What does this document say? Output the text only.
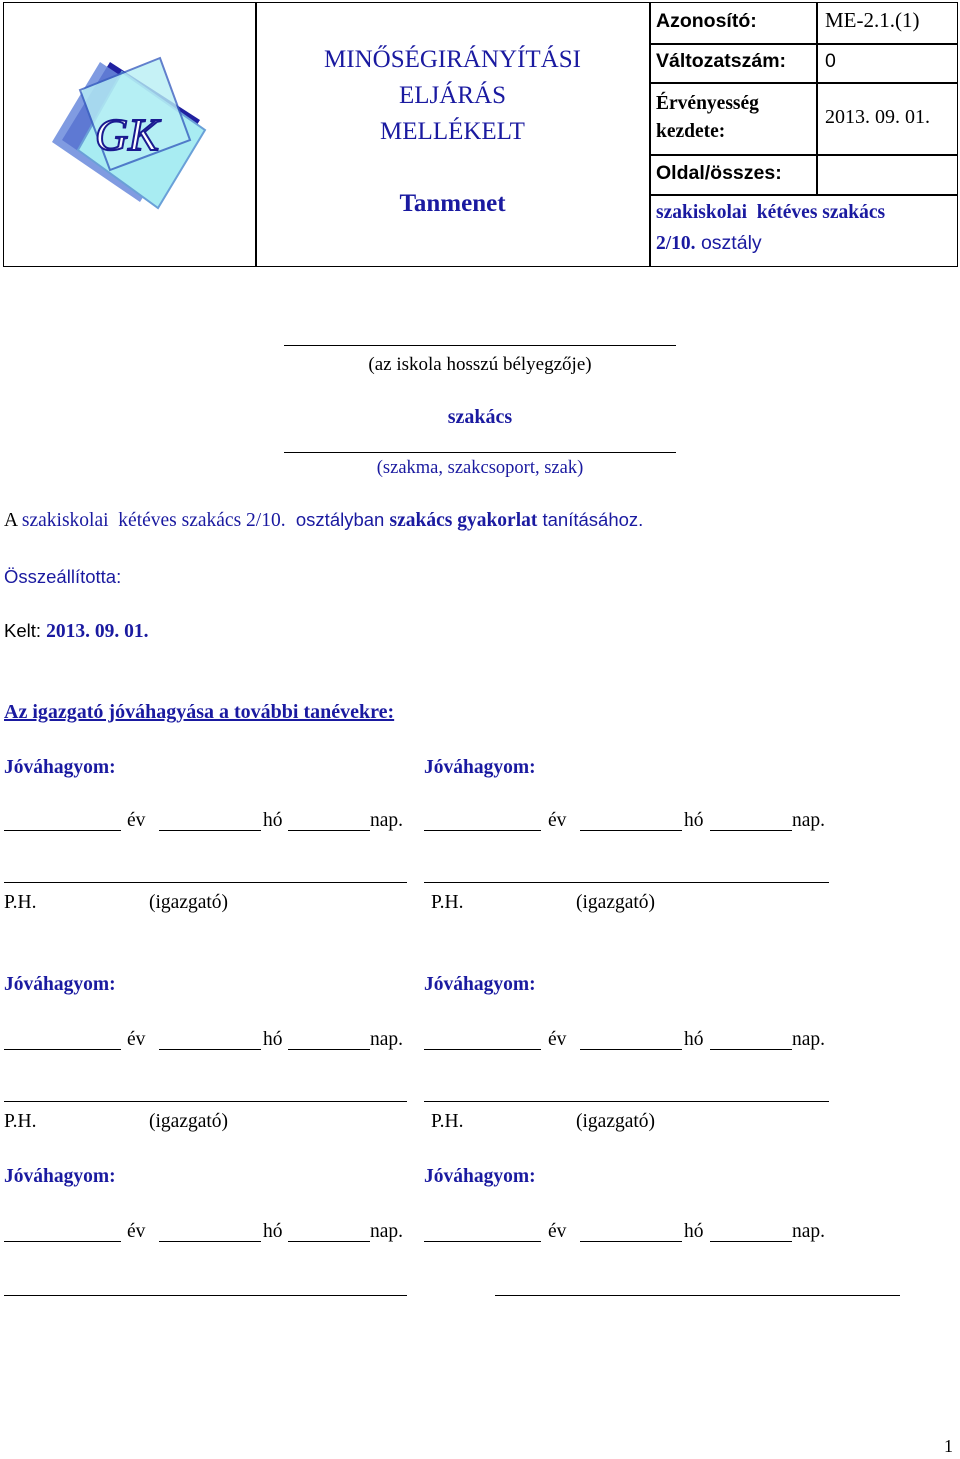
GK
MINŐSÉGIRÁNYÍTÁSI
ELJÁRÁS
MELLÉKELT
Tanmenet
Azonosító:	ME-2.1.(1)
Változatszám: 0
Érvényesség
kezdete:
2013. 09. 01.
Oldal/összes:
szakiskolai  kétéves szakács
2/10. osztály
(az iskola hosszú bélyegzője)
szakács
(szakma, szakcsoport, szak)
A szakiskolai  kétéves szakács 2/10.  osztályban szakács gyakorlat tanításához.
Összeállította:
Kelt: 2013. 09. 01.
Az igazgató jóváhagyása a további tanévekre:
Jóváhagyom:	Jóváhagyom:
év	hó	nap.	év	hó	nap.
P.H.	(igazgató)	P.H.	(igazgató)
Jóváhagyom:	Jóváhagyom:
év	hó	nap.	év	hó	nap.
P.H.	(igazgató)	P.H.	(igazgató)
Jóváhagyom:	Jóváhagyom:
év	hó	nap.	év	hó	nap.
1
